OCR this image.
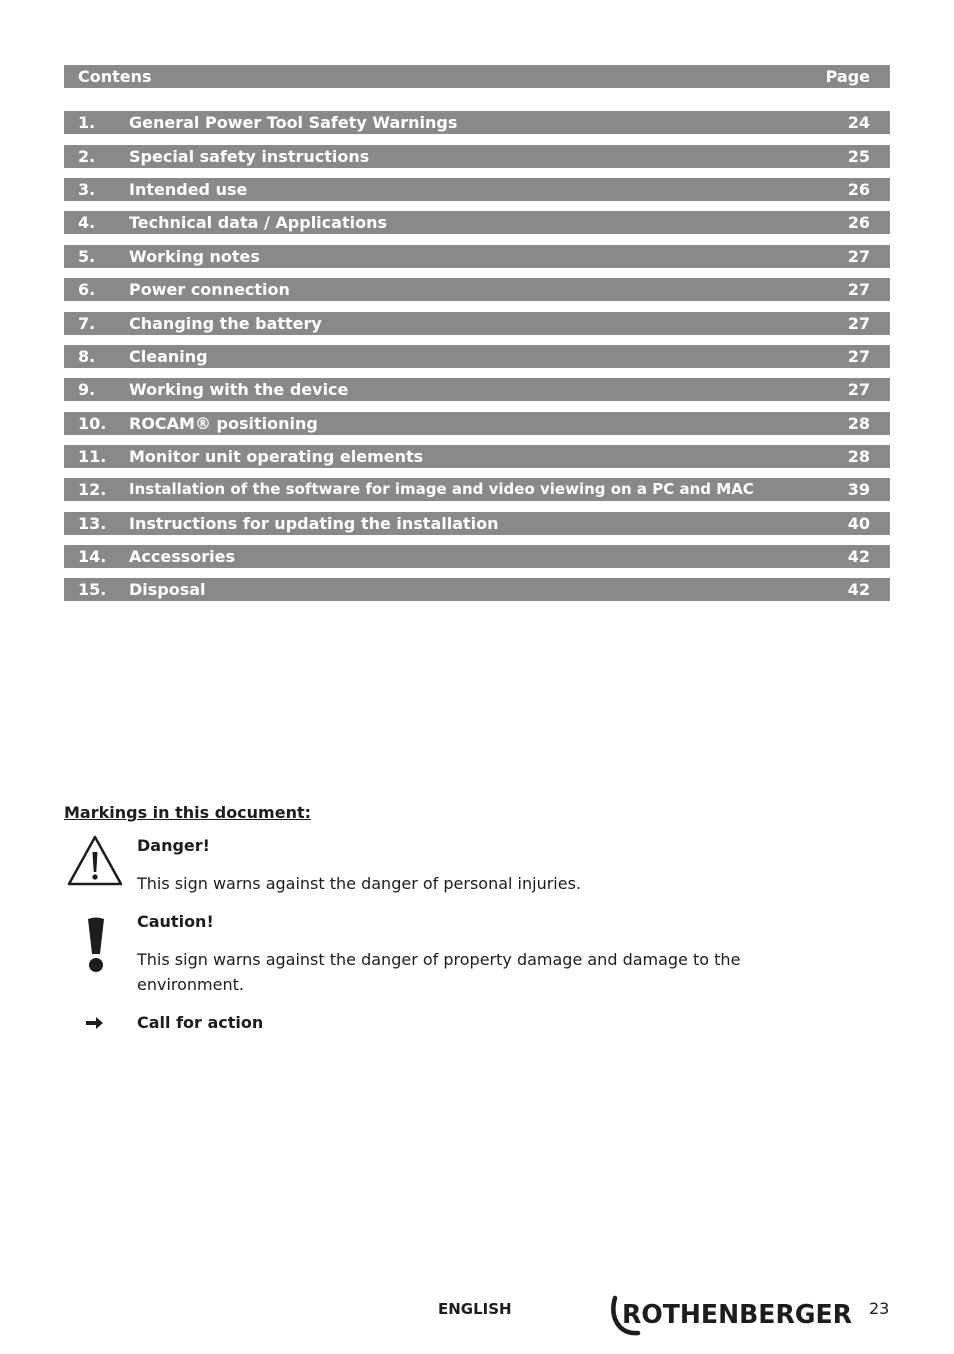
Contens	Page
1. General Power Tool Safety Warnings	24
2. Special safety instructions	25
3. Intended use	26
4. Technical data / Applications	26
5. Working notes	27
6. Power connection	27
7. Changing the battery	27
8. Cleaning	27
9. Working with the device	27
10. ROCAM® positioning	28
11. Monitor unit operating elements	28
12. Installation of the software for image and video viewing on a PC and MAC	39
13. Instructions for updating the installation	40
14. Accessories	42
15. Disposal	42
Markings in this document:
Danger!
This sign warns against the danger of personal injuries.
Caution!
This sign warns against the danger of property damage and damage to the environment.
Call for action
ENGLISH	ROTHENBERGER 23
